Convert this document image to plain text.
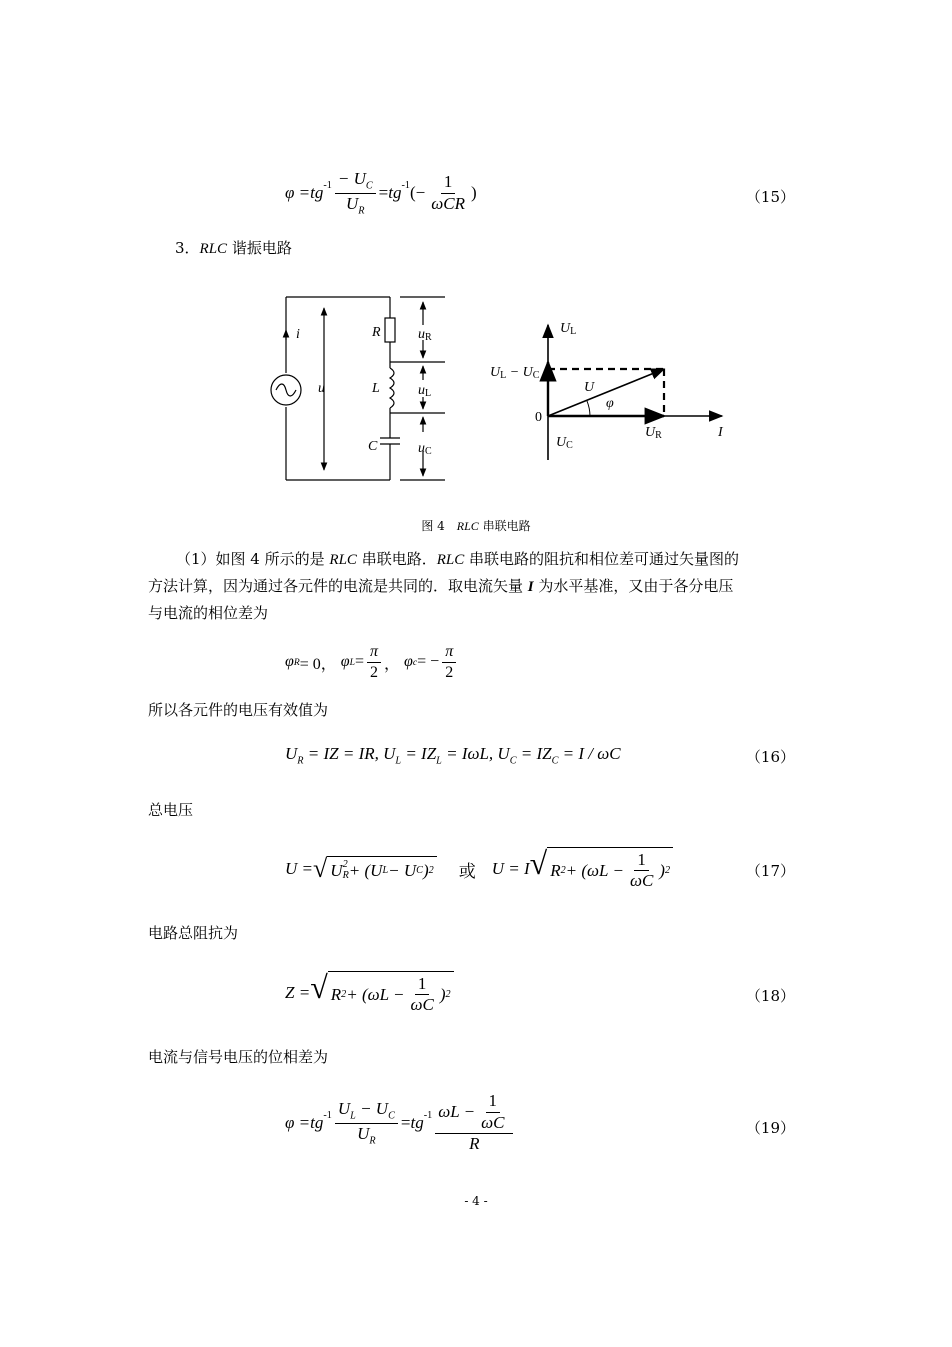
$\varphi = tg^{-1} \frac{- U_C}{U_R} = tg^{-1}$ (− $\frac{1}{\text{ωCR}}$ )	（15）
3．RLC 谐振电路
i
u
R
L
C
uR
uL
uC
UL
UL − UC
U
φ
0
UR
UC
I
图 4　RLC 串联电路
（1）如图 4 所示的是 RLC 串联电路．RLC 串联电路的阻抗和相位差可通过矢量图的
方法计算，因为通过各元件的电流是共同的．取电流矢量 I 为水平基准，又由于各分电压
与电流的相位差为
φ R = 0，
φ $L = \frac{\pi}{2}$ ，
φ c = − $\frac{\pi}{2}$
所以各元件的电压有效值为
$U_R$ = IZ = IR, $U_L = IZ_L = I\omega L$, $U_C = IZ_C = I / \omega C$	（16）
总电压
U = √ U 2
R + (U L − U C ) 2 或 U = I √ R $2 + (\omega L - \frac{1}{\omega C}$ ) 2	（17）
电路总阻抗为
Z = √ R $2 + (\omega L - \frac{1}{\omega C}$ ) 2	（18）
电流与信号电压的位相差为
$\varphi = tg^{-1} \frac{U_L - U_C}{U_R} = tg^{-1} \frac{\omega L - \frac{1}{\omega C}}{R}$	（19）
- 4 -
